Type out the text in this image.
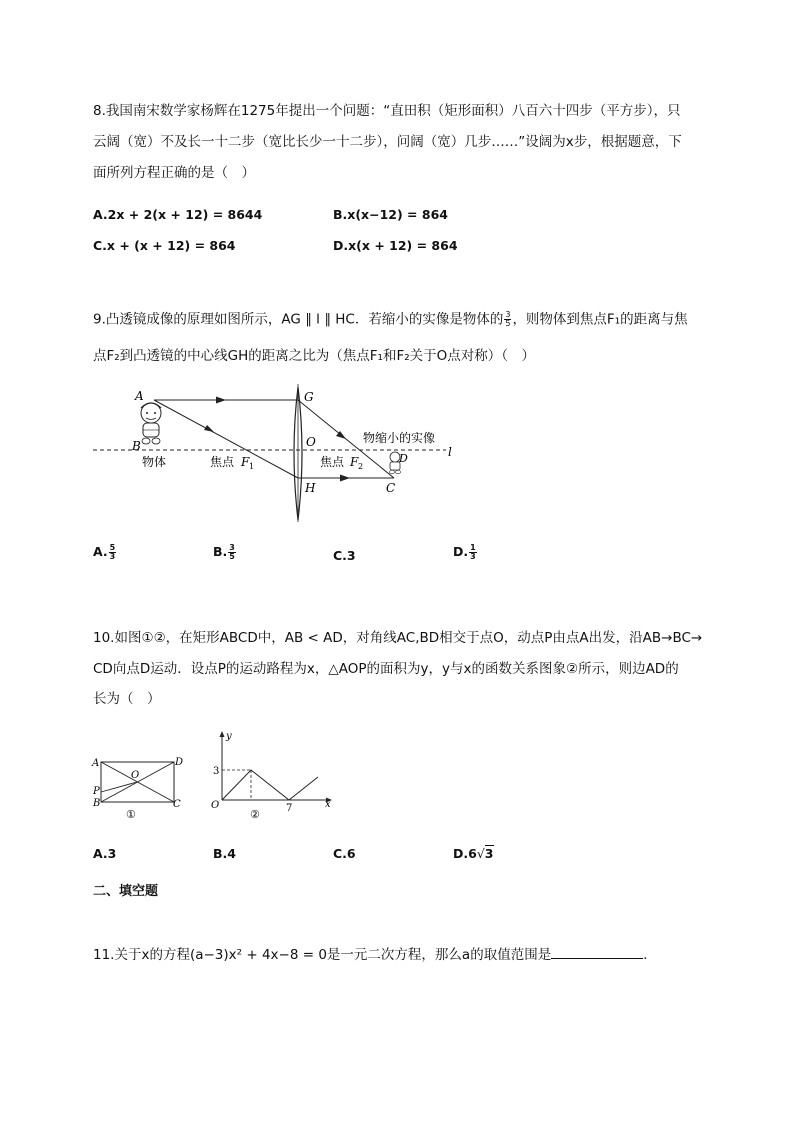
8.我国南宋数学家杨辉在1275年提出一个问题：“直田积（矩形面积）八百六十四步（平方步），只
云阔（宽）不及长一十二步（宽比长少一十二步），问阔（宽）几步……”设阔为x步，根据题意，下
面所列方程正确的是（　）
A.2x + 2(x + 12) = 8644	B.x(x−12) = 864
C.x + (x + 12) = 864	D.x(x + 12) = 864
9.凸透镜成像的原理如图所示，AG ∥ l ∥ HC．若缩小的实像是物体的 $\frac{3}{5}$ ，则物体到焦点F₁的距离与焦
点F₂到凸透镜的中心线GH的距离之比为（焦点F₁和F₂关于O点对称）（　）
A
B
G
O
H	C
D	l
物体	焦点 F 1	焦点 F 2
物缩小的实像
A. $\frac{5}{3}$	B. $\frac{3}{5}$	C.3	D. $\frac{1}{3}$
10.如图①②，在矩形ABCD中，AB < AD，对角线AC,BD相交于点O，动点P由点A出发，沿AB→BC→
CD向点D运动．设点P的运动路程为x，△AOP的面积为y，y与x的函数关系图象②所示，则边AD的
长为（　）
A	D
O
P
B	C
①
y
x
O
3
7
②
A.3	B.4	C.6	D.6√3
二、填空题
11.关于x的方程(a−3)x² + 4x−8 = 0是一元二次方程，那么a的取值范围是	．
